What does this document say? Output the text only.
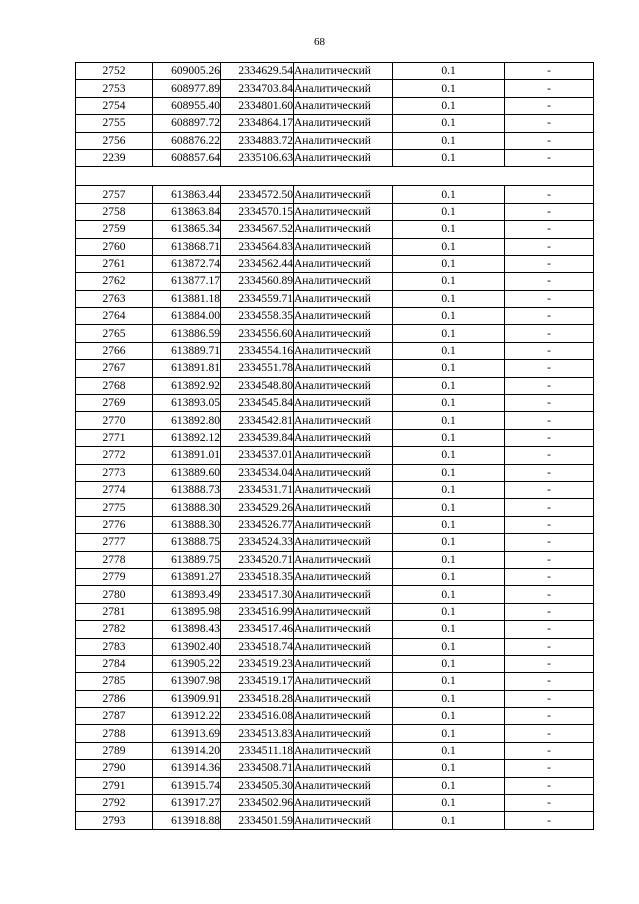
68
2752	609005.26	2334629.54	Аналитический	0.1	-
2753	608977.89	2334703.84	Аналитический	0.1	-
2754	608955.40	2334801.60	Аналитический	0.1	-
2755	608897.72	2334864.17	Аналитический	0.1	-
2756	608876.22	2334883.72	Аналитический	0.1	-
2239	608857.64	2335106.63	Аналитический	0.1	-

2757	613863.44	2334572.50	Аналитический	0.1	-
2758	613863.84	2334570.15	Аналитический	0.1	-
2759	613865.34	2334567.52	Аналитический	0.1	-
2760	613868.71	2334564.83	Аналитический	0.1	-
2761	613872.74	2334562.44	Аналитический	0.1	-
2762	613877.17	2334560.89	Аналитический	0.1	-
2763	613881.18	2334559.71	Аналитический	0.1	-
2764	613884.00	2334558.35	Аналитический	0.1	-
2765	613886.59	2334556.60	Аналитический	0.1	-
2766	613889.71	2334554.16	Аналитический	0.1	-
2767	613891.81	2334551.78	Аналитический	0.1	-
2768	613892.92	2334548.80	Аналитический	0.1	-
2769	613893.05	2334545.84	Аналитический	0.1	-
2770	613892.80	2334542.81	Аналитический	0.1	-
2771	613892.12	2334539.84	Аналитический	0.1	-
2772	613891.01	2334537.01	Аналитический	0.1	-
2773	613889.60	2334534.04	Аналитический	0.1	-
2774	613888.73	2334531.71	Аналитический	0.1	-
2775	613888.30	2334529.26	Аналитический	0.1	-
2776	613888.30	2334526.77	Аналитический	0.1	-
2777	613888.75	2334524.33	Аналитический	0.1	-
2778	613889.75	2334520.71	Аналитический	0.1	-
2779	613891.27	2334518.35	Аналитический	0.1	-
2780	613893.49	2334517.30	Аналитический	0.1	-
2781	613895.98	2334516.99	Аналитический	0.1	-
2782	613898.43	2334517.46	Аналитический	0.1	-
2783	613902.40	2334518.74	Аналитический	0.1	-
2784	613905.22	2334519.23	Аналитический	0.1	-
2785	613907.98	2334519.17	Аналитический	0.1	-
2786	613909.91	2334518.28	Аналитический	0.1	-
2787	613912.22	2334516.08	Аналитический	0.1	-
2788	613913.69	2334513.83	Аналитический	0.1	-
2789	613914.20	2334511.18	Аналитический	0.1	-
2790	613914.36	2334508.71	Аналитический	0.1	-
2791	613915.74	2334505.30	Аналитический	0.1	-
2792	613917.27	2334502.96	Аналитический	0.1	-
2793	613918.88	2334501.59	Аналитический	0.1	-
